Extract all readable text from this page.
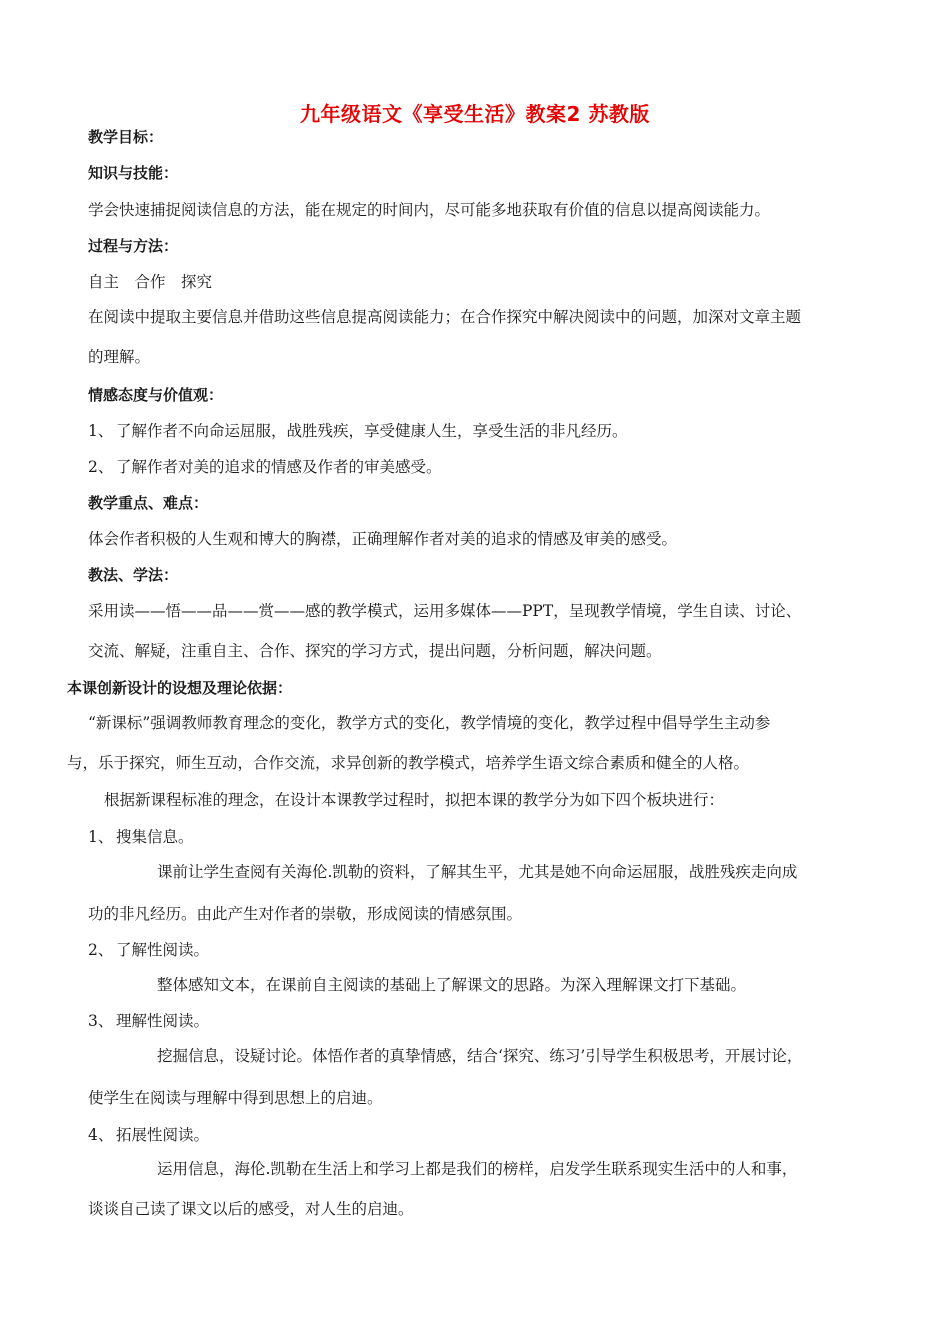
九年级语文《享受生活》教案2 苏教版
教学目标：
知识与技能：
学会快速捕捉阅读信息的方法，能在规定的时间内，尽可能多地获取有价值的信息以提高阅读能力。
过程与方法：
自主　合作　探究
在阅读中提取主要信息并借助这些信息提高阅读能力；在合作探究中解决阅读中的问题，加深对文章主题
的理解。
情感态度与价值观：
1、 了解作者不向命运屈服，战胜残疾，享受健康人生，享受生活的非凡经历。
2、 了解作者对美的追求的情感及作者的审美感受。
教学重点、难点：
体会作者积极的人生观和博大的胸襟，正确理解作者对美的追求的情感及审美的感受。
教法、学法：
采用读——悟——品——赏——感的教学模式，运用多媒体——PPT，呈现教学情境，学生自读、讨论、
交流、解疑，注重自主、合作、探究的学习方式，提出问题，分析问题，解决问题。
本课创新设计的设想及理论依据：
“新课标”强调教师教育理念的变化，教学方式的变化，教学情境的变化，教学过程中倡导学生主动参
与，乐于探究，师生互动，合作交流，求异创新的教学模式，培养学生语文综合素质和健全的人格。
根据新课程标准的理念，在设计本课教学过程时，拟把本课的教学分为如下四个板块进行：
1、 搜集信息。
课前让学生查阅有关海伦.凯勒的资料，了解其生平，尤其是她不向命运屈服，战胜残疾走向成
功的非凡经历。由此产生对作者的崇敬，形成阅读的情感氛围。
2、 了解性阅读。
整体感知文本，在课前自主阅读的基础上了解课文的思路。为深入理解课文打下基础。
3、 理解性阅读。
挖掘信息，设疑讨论。体悟作者的真挚情感，结合‘探究、练习’引导学生积极思考，开展讨论，
使学生在阅读与理解中得到思想上的启迪。
4、 拓展性阅读。
运用信息，海伦.凯勒在生活上和学习上都是我们的榜样，启发学生联系现实生活中的人和事，
谈谈自己读了课文以后的感受，对人生的启迪。
